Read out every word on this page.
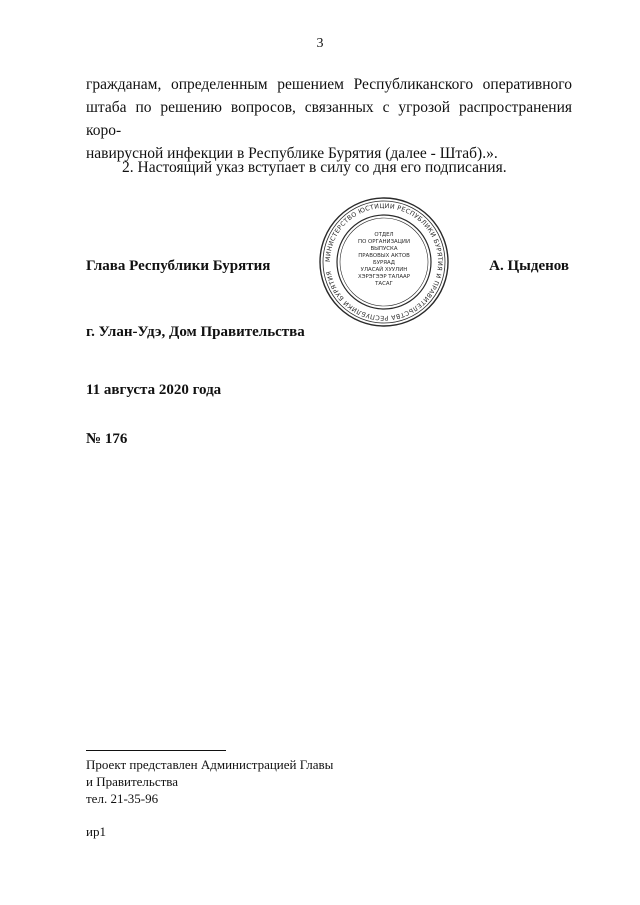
3
гражданам, определенным решением Республиканского оперативного
штаба по решению вопросов, связанных с угрозой распространения коро-
навирусной инфекции в Республике Бурятия (далее - Штаб).».
2. Настоящий указ вступает в силу со дня его подписания.
Глава Республики Бурятия	А. Цыденов
МИНИСТЕРСТВО ЮСТИЦИИ РЕСПУБЛИКИ БУРЯТИЯ И ПРАВИТЕЛЬСТВА РЕСПУБЛИКИ БУРЯТИЯ
ОТДЕЛ
ПО ОРГАНИЗАЦИИ
ВЫПУСКА
ПРАВОВЫХ АКТОВ
БУРЯАД
УЛАСАЙ ХУУЛИН
ХЭРЭГЭЭР ТАЛААР
ТАСАГ
г. Улан-Удэ, Дом Правительства
11 августа 2020 года
№ 176
Проект представлен Администрацией Главы
и Правительства
тел. 21-35-96
ир1
